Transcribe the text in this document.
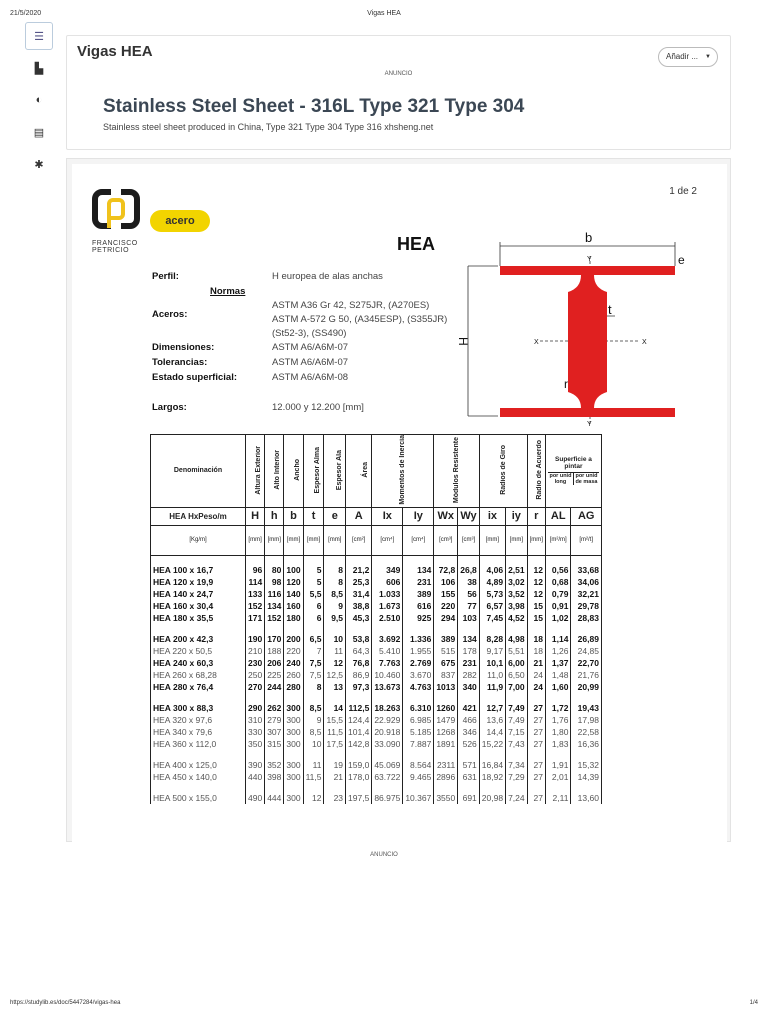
21/5/2020	Vigas HEA
☰
▙
◐
▤
✱
Vigas HEA	Añadir ... ▼
ANUNCIO
Stainless Steel Sheet - 316L Type 321 Type 304
Stainless steel sheet produced in China, Type 321 Type 304 Type 316 xhsheng.net
1 de 2
FRANCISCO
PETRICIO
acero
HEA
Perfil:	H europea de alas anchas
Normas
Aceros:
ASTM A36 Gr 42, S275JR, (A270ES)
ASTM A-572 G 50, (A345ESP), (S355JR)
(St52-3), (SS490)
Dimensiones:	ASTM A6/A6M-07
Tolerancias:	ASTM A6/A6M-07
Estado superficial:	ASTM A6/A6M-08
Largos:	12.000 y 12.200 [mm]
b
t
H
e
r
X	X
Y
Y
Denominación	Altura Exterior	Alto Interior	Ancho	Espesor Alma	Espesor Ala	Área	Momentos de Inercia		Módulos Resistente		Radios de Giro		Radio de Acuerdo	Superficie a pintar
por unid long
por unid de masa	

HEA HxPeso/m	H	h	b	t	e	A	Ix	Iy	Wx	Wy	ix	iy	r	AL	AG
[Kg/m]	[mm]	[mm]	[mm]	[mm]	[mm]	[cm²]	[cm⁴]	[cm⁴]	[cm³]	[cm³]	[mm]	[mm]	[mm]	[m²/m]	[m²/t]

HEA 100 x 16,7	96	80	100	5	8	21,2	349	134	72,8	26,8	4,06	2,51	12	0,56	33,68
HEA 120 x 19,9	114	98	120	5	8	25,3	606	231	106	38	4,89	3,02	12	0,68	34,06
HEA 140 x 24,7	133	116	140	5,5	8,5	31,4	1.033	389	155	56	5,73	3,52	12	0,79	32,21
HEA 160 x 30,4	152	134	160	6	9	38,8	1.673	616	220	77	6,57	3,98	15	0,91	29,78
HEA 180 x 35,5	171	152	180	6	9,5	45,3	2.510	925	294	103	7,45	4,52	15	1,02	28,83

HEA 200 x 42,3	190	170	200	6,5	10	53,8	3.692	1.336	389	134	8,28	4,98	18	1,14	26,89
HEA 220 x 50,5	210	188	220	7	11	64,3	5.410	1.955	515	178	9,17	5,51	18	1,26	24,85
HEA 240 x 60,3	230	206	240	7,5	12	76,8	7.763	2.769	675	231	10,1	6,00	21	1,37	22,70
HEA 260 x 68,28	250	225	260	7,5	12,5	86,9	10.460	3.670	837	282	11,0	6,50	24	1,48	21,76
HEA 280 x 76,4	270	244	280	8	13	97,3	13.673	4.763	1013	340	11,9	7,00	24	1,60	20,99

HEA 300 x 88,3	290	262	300	8,5	14	112,5	18.263	6.310	1260	421	12,7	7,49	27	1,72	19,43
HEA 320 x 97,6	310	279	300	9	15,5	124,4	22.929	6.985	1479	466	13,6	7,49	27	1,76	17,98
HEA 340 x 79,6	330	307	300	8,5	11,5	101,4	20.918	5.185	1268	346	14,4	7,15	27	1,80	22,58
HEA 360 x 112,0	350	315	300	10	17,5	142,8	33.090	7.887	1891	526	15,22	7,43	27	1,83	16,36

HEA 400 x 125,0	390	352	300	11	19	159,0	45.069	8.564	2311	571	16,84	7,34	27	1,91	15,32
HEA 450 x 140,0	440	398	300	11,5	21	178,0	63.722	9.465	2896	631	18,92	7,29	27	2,01	14,39

HEA 500 x 155,0	490	444	300	12	23	197,5	86.975	10.367	3550	691	20,98	7,24	27	2,11	13,60
ANUNCIO
https://studylib.es/doc/5447284/vigas-hea	1/4
